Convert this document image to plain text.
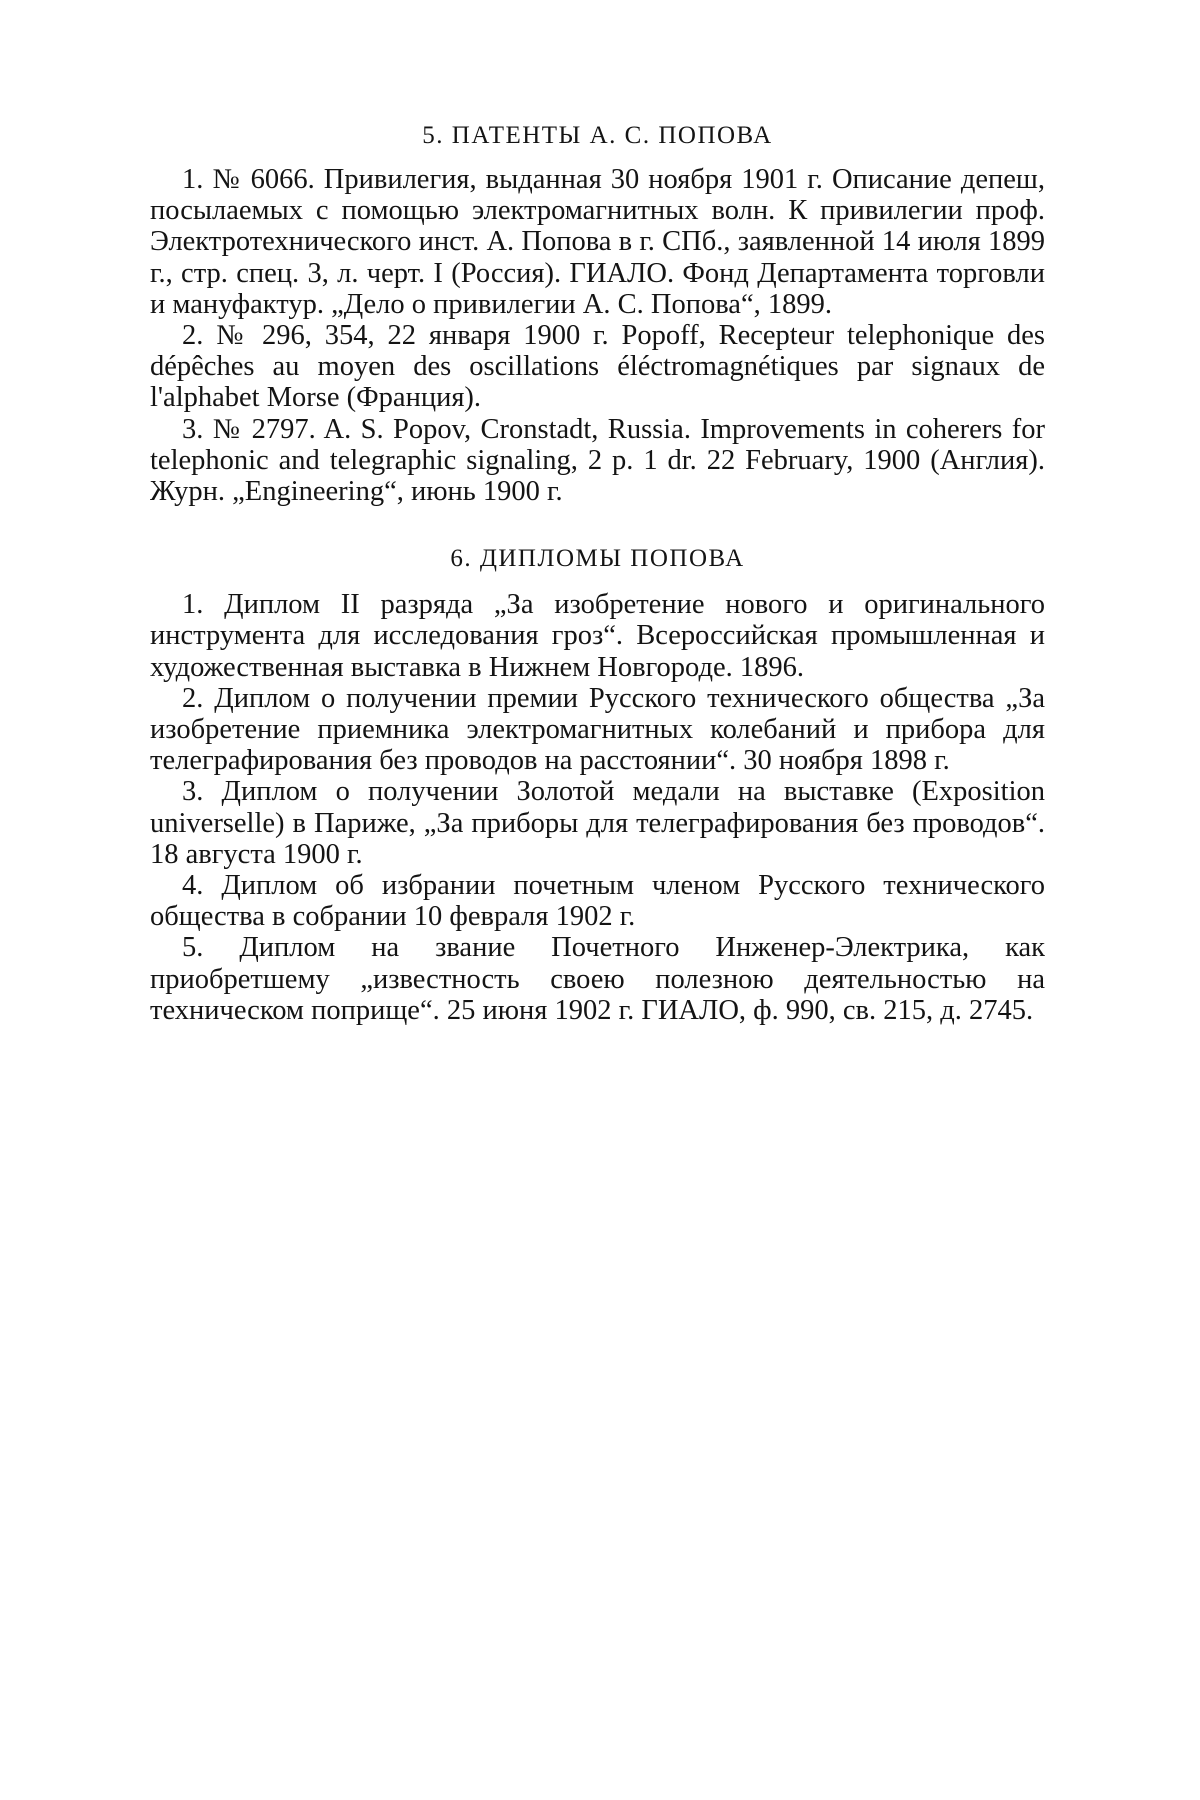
5. ПАТЕНТЫ А. С. ПОПОВА
1. № 6066. Привилегия, выданная 30 ноября 1901 г. Описание депеш, посылаемых с помощью электромагнитных волн. К привилегии проф. Электротехнического инст. А. Попова в г. СПб., заявленной 14 июля 1899 г., стр. спец. 3, л. черт. I (Россия). ГИАЛО. Фонд Департамента торговли и мануфактур. „Дело о привилегии А. С. Попова“, 1899.
2. № 296, 354, 22 января 1900 г. Popoff, Recepteur telephonique des dépêches au moyen des oscillations éléctromagnétiques par signaux de l'alphabet Morse (Франция).
3. № 2797. A. S. Popov, Cronstadt, Russia. Improvements in coherers for telephonic and telegraphic signaling, 2 p. 1 dr. 22 February, 1900 (Англия). Журн. „Engineering“, июнь 1900 г.
6. ДИПЛОМЫ ПОПОВА
1. Диплом II разряда „За изобретение нового и оригинального инструмента для исследования гроз“. Всероссийская промышленная и художественная выставка в Нижнем Новгороде. 1896.
2. Диплом о получении премии Русского технического общества „За изобретение приемника электромагнитных колебаний и прибора для телеграфирования без проводов на расстоянии“. 30 ноября 1898 г.
3. Диплом о получении Золотой медали на выставке (Exposition universelle) в Париже, „За приборы для телеграфирования без проводов“. 18 августа 1900 г.
4. Диплом об избрании почетным членом Русского технического общества в собрании 10 февраля 1902 г.
5. Диплом на звание Почетного Инженер-Электрика, как приобретшему „известность своею полезною деятельностью на техническом поприще“. 25 июня 1902 г. ГИАЛО, ф. 990, св. 215, д. 2745.
